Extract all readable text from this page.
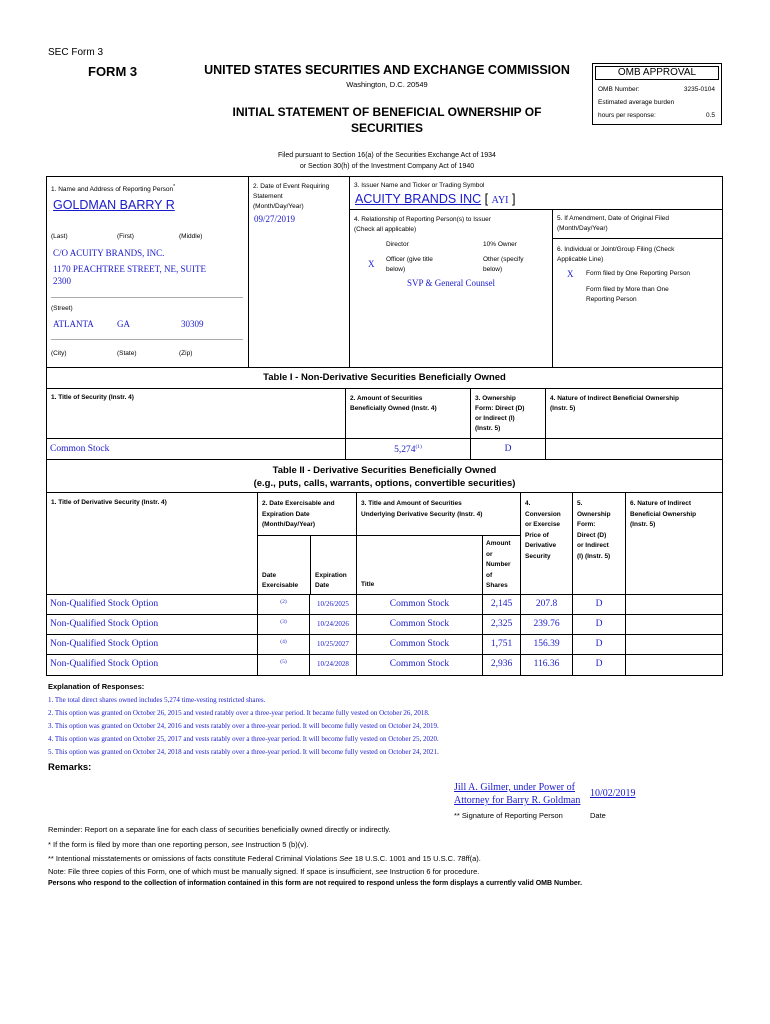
SEC Form 3
FORM 3	UNITED STATES SECURITIES AND EXCHANGE COMMISSION
Washington, D.C. 20549
INITIAL STATEMENT OF BENEFICIAL OWNERSHIP OF
SECURITIES
OMB APPROVAL
OMB Number:	3235-0104
Estimated average burden
hours per response:	0.5
Filed pursuant to Section 16(a) of the Securities Exchange Act of 1934
or Section 30(h) of the Investment Company Act of 1940
1. Name and Address of Reporting Person*
GOLDMAN BARRY R
(Last)	(First)	(Middle)
C/O ACUITY BRANDS, INC.
1170 PEACHTREE STREET, NE, SUITE
2300
(Street)
ATLANTA	GA	30309
(City)	(State)	(Zip)
2. Date of Event Requiring
Statement
(Month/Day/Year)
09/27/2019
3. Issuer Name and Ticker or Trading Symbol
ACUITY BRANDS INC [ AYI ]
4. Relationship of Reporting Person(s) to Issuer
(Check all applicable)
Director	10% Owner
X Officer (give title
below)
Other (specify
below)
SVP & General Counsel
5. If Amendment, Date of Original Filed
(Month/Day/Year)
6. Individual or Joint/Group Filing (Check
Applicable Line)
X Form filed by One Reporting Person
Form filed by More than One
Reporting Person
Table I - Non-Derivative Securities Beneficially Owned
1. Title of Security (Instr. 4)	2. Amount of Securities
Beneficially Owned (Instr. 4)
3. Ownership
Form: Direct (D)
or Indirect (I)
(Instr. 5)
4. Nature of Indirect Beneficial Ownership
(Instr. 5)
Common Stock	5,274$^{(1)}$	D
Table II - Derivative Securities Beneficially Owned
(e.g., puts, calls, warrants, options, convertible securities)
1. Title of Derivative Security (Instr. 4)	2. Date Exercisable and
Expiration Date
(Month/Day/Year)
Date
Exercisable
Expiration
Date
3. Title and Amount of Securities
Underlying Derivative Security (Instr. 4)
Title
Amount
or
Number
of
Shares
4.
Conversion
or Exercise
Price of
Derivative
Security
5.
Ownership
Form:
Direct (D)
or Indirect
(I) (Instr. 5)
6. Nature of Indirect
Beneficial Ownership
(Instr. 5)
Non-Qualified Stock Option	(2)	10/26/2025	Common Stock	2,145	207.8	D
Non-Qualified Stock Option	(3)	10/24/2026	Common Stock	2,325	239.76	D
Non-Qualified Stock Option	(4)	10/25/2027	Common Stock	1,751	156.39	D
Non-Qualified Stock Option	(5)	10/24/2028	Common Stock	2,936	116.36	D
Explanation of Responses:
1. The total direct shares owned includes 5,274 time-vesting restricted shares.
2. This option was granted on October 26, 2015 and vested ratably over a three-year period. It became fully vested on October 26, 2018.
3. This option was granted on October 24, 2016 and vests ratably over a three-year period. It will become fully vested on October 24, 2019.
4. This option was granted on October 25, 2017 and vests ratably over a three-year period. It will become fully vested on October 25, 2020.
5. This option was granted on October 24, 2018 and vests ratably over a three-year period. It will become fully vested on October 24, 2021.
Remarks:
Jill A. Gilmer, under Power of
Attorney for Barry R. Goldman
10/02/2019
** Signature of Reporting Person	Date
Reminder: Report on a separate line for each class of securities beneficially owned directly or indirectly.
* If the form is filed by more than one reporting person, see Instruction 5 (b)(v).
** Intentional misstatements or omissions of facts constitute Federal Criminal Violations See 18 U.S.C. 1001 and 15 U.S.C. 78ff(a).
Note: File three copies of this Form, one of which must be manually signed. If space is insufficient, see Instruction 6 for procedure.
Persons who respond to the collection of information contained in this form are not required to respond unless the form displays a currently valid OMB Number.
